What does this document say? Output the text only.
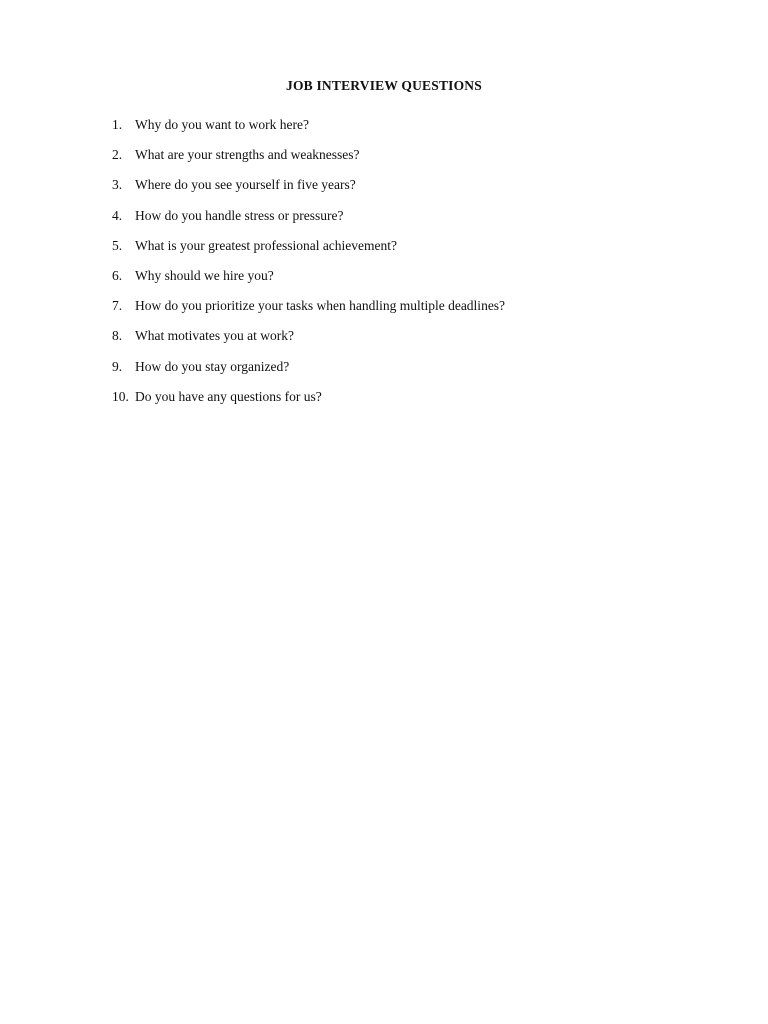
JOB INTERVIEW QUESTIONS
1. Why do you want to work here?
2. What are your strengths and weaknesses?
3. Where do you see yourself in five years?
4. How do you handle stress or pressure?
5. What is your greatest professional achievement?
6. Why should we hire you?
7. How do you prioritize your tasks when handling multiple deadlines?
8. What motivates you at work?
9. How do you stay organized?
10. Do you have any questions for us?
